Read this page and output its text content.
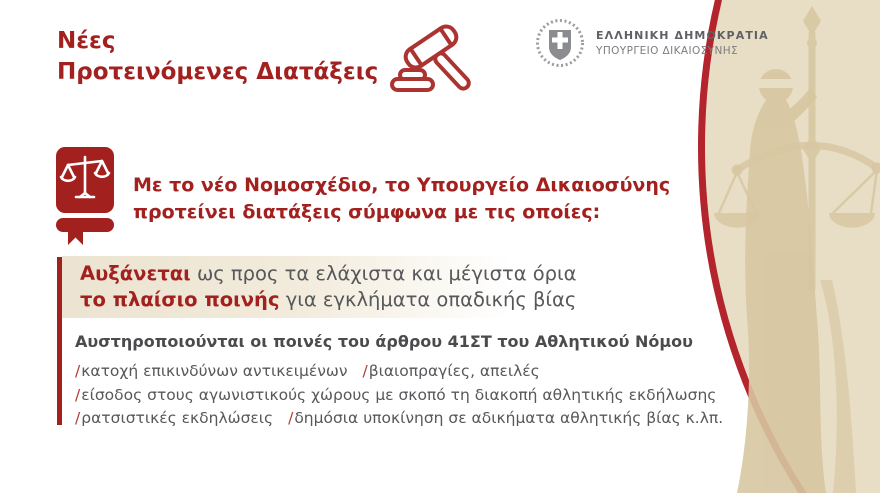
Νέες
Προτεινόμενες Διατάξεις
ΕΛΛΗΝΙΚΗ ΔΗΜΟΚΡΑΤΙΑ
ΥΠΟΥΡΓΕΙΟ ΔΙΚΑΙΟΣΥΝΗΣ
Με το νέο Νομοσχέδιο, το Υπουργείο Δικαιοσύνης
προτείνει διατάξεις σύμφωνα με τις οποίες:
Αυξάνεται ως προς τα ελάχιστα και μέγιστα όρια
το πλαίσιο ποινής για εγκλήματα οπαδικής βίας
Αυστηροποιούνται οι ποινές του άρθρου 41ΣΤ του Αθλητικού Νόμου
/κατοχή επικινδύνων αντικειμένων /βιαιοπραγίες, απειλές
/είσοδος στους αγωνιστικούς χώρους με σκοπό τη διακοπή αθλητικής εκδήλωσης
/ρατσιστικές εκδηλώσεις /δημόσια υποκίνηση σε αδικήματα αθλητικής βίας κ.λπ.
